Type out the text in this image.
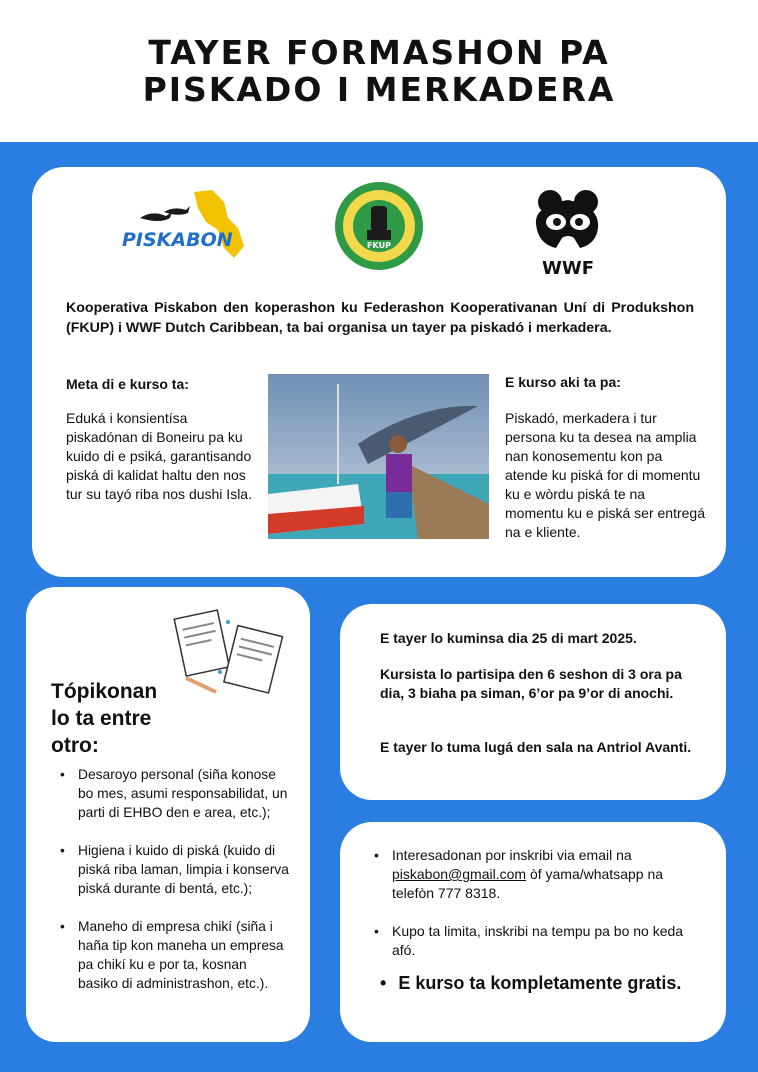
TAYER FORMASHON PA
PISKADO I MERKADERA
PISKABON	FKUP
WWF

Kooperativa Piskabon den koperashon ku Federashon Kooperativanan Uní di Produkshon (FKUP) i WWF Dutch Caribbean, ta bai organisa un tayer pa piskadó i merkadera.

Meta di e kurso ta:
Eduká i konsientísa piskadónan di Boneiru pa ku kuido di e psiká, garantisando piská di kalidat haltu den nos tur su tayó riba nos dushi Isla.
E kurso aki ta pa:
Piskadó, merkadera i tur persona ku ta desea na amplia nan konosementu kon pa atende ku piská for di momentu ku e wòrdu piská te na momentu ku e piská ser entregá na e kliente.
Tópikonan lo ta entre otro:
• Desaroyo personal (siña konose bo mes, asumi responsabilidat, un parti di EHBO den e area, etc.);
• Higiena i kuido di piská (kuido di piská riba laman, limpia i konserva piská durante di bentá, etc.);
• Maneho di empresa chikí (siña i haña tip kon maneha un empresa pa chikí ku e por ta, kosnan basiko di administrashon, etc.).

E tayer lo kuminsa dia 25 di mart 2025.

Kursista lo partisipa den 6 seshon di 3 ora pa dia, 3 biaha pa siman, 6’or pa 9’or di anochi.

E tayer lo tuma lugá den sala na Antriol Avanti.

• Interesadonan por inskribi via email na piskabon@gmail.com òf yama/whatsapp na telefòn 777 8318.
• Kupo ta limita, inskribi na tempu pa bo no keda afó.
• E kurso ta kompletamente gratis.
